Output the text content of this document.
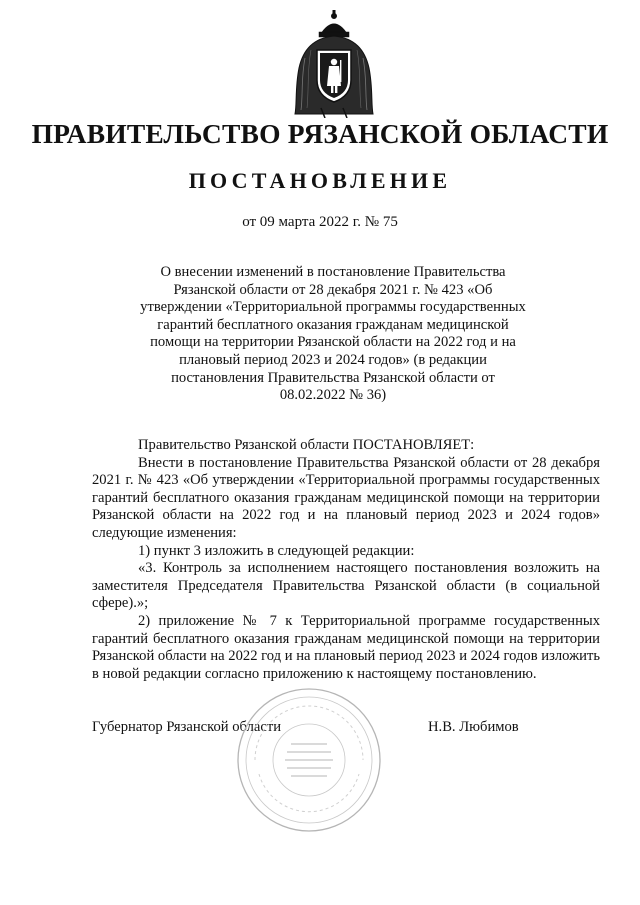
ПРАВИТЕЛЬСТВО РЯЗАНСКОЙ ОБЛАСТИ
ПОСТАНОВЛЕНИЕ
от 09 марта 2022 г. № 75
О внесении изменений в постановление Правительства Рязанской области от 28 декабря 2021 г. № 423 «Об утверждении «Территориальной программы государственных гарантий бесплатного оказания гражданам медицинской помощи на территории Рязанской области на 2022 год и на плановый период 2023 и 2024 годов» (в редакции постановления Правительства Рязанской области от 08.02.2022 № 36)

Правительство Рязанской области ПОСТАНОВЛЯЕТ:

Внести в постановление Правительства Рязанской области от 28 декабря 2021 г. № 423 «Об утверждении «Территориальной программы государственных гарантий бесплатного оказания гражданам медицинской помощи на территории Рязанской области на 2022 год и на плановый период 2023 и 2024 годов» следующие изменения:

1) пункт 3 изложить в следующей редакции:

«3. Контроль за исполнением настоящего постановления возложить на заместителя Председателя Правительства Рязанской области (в социальной сфере).»;

2) приложение № 7 к Территориальной программе государственных гарантий бесплатного оказания гражданам медицинской помощи на территории Рязанской области на 2022 год и на плановый период 2023 и 2024 годов изложить в новой редакции согласно приложению к настоящему постановлению.

Губернатор Рязанской области	Н.В. Любимов
